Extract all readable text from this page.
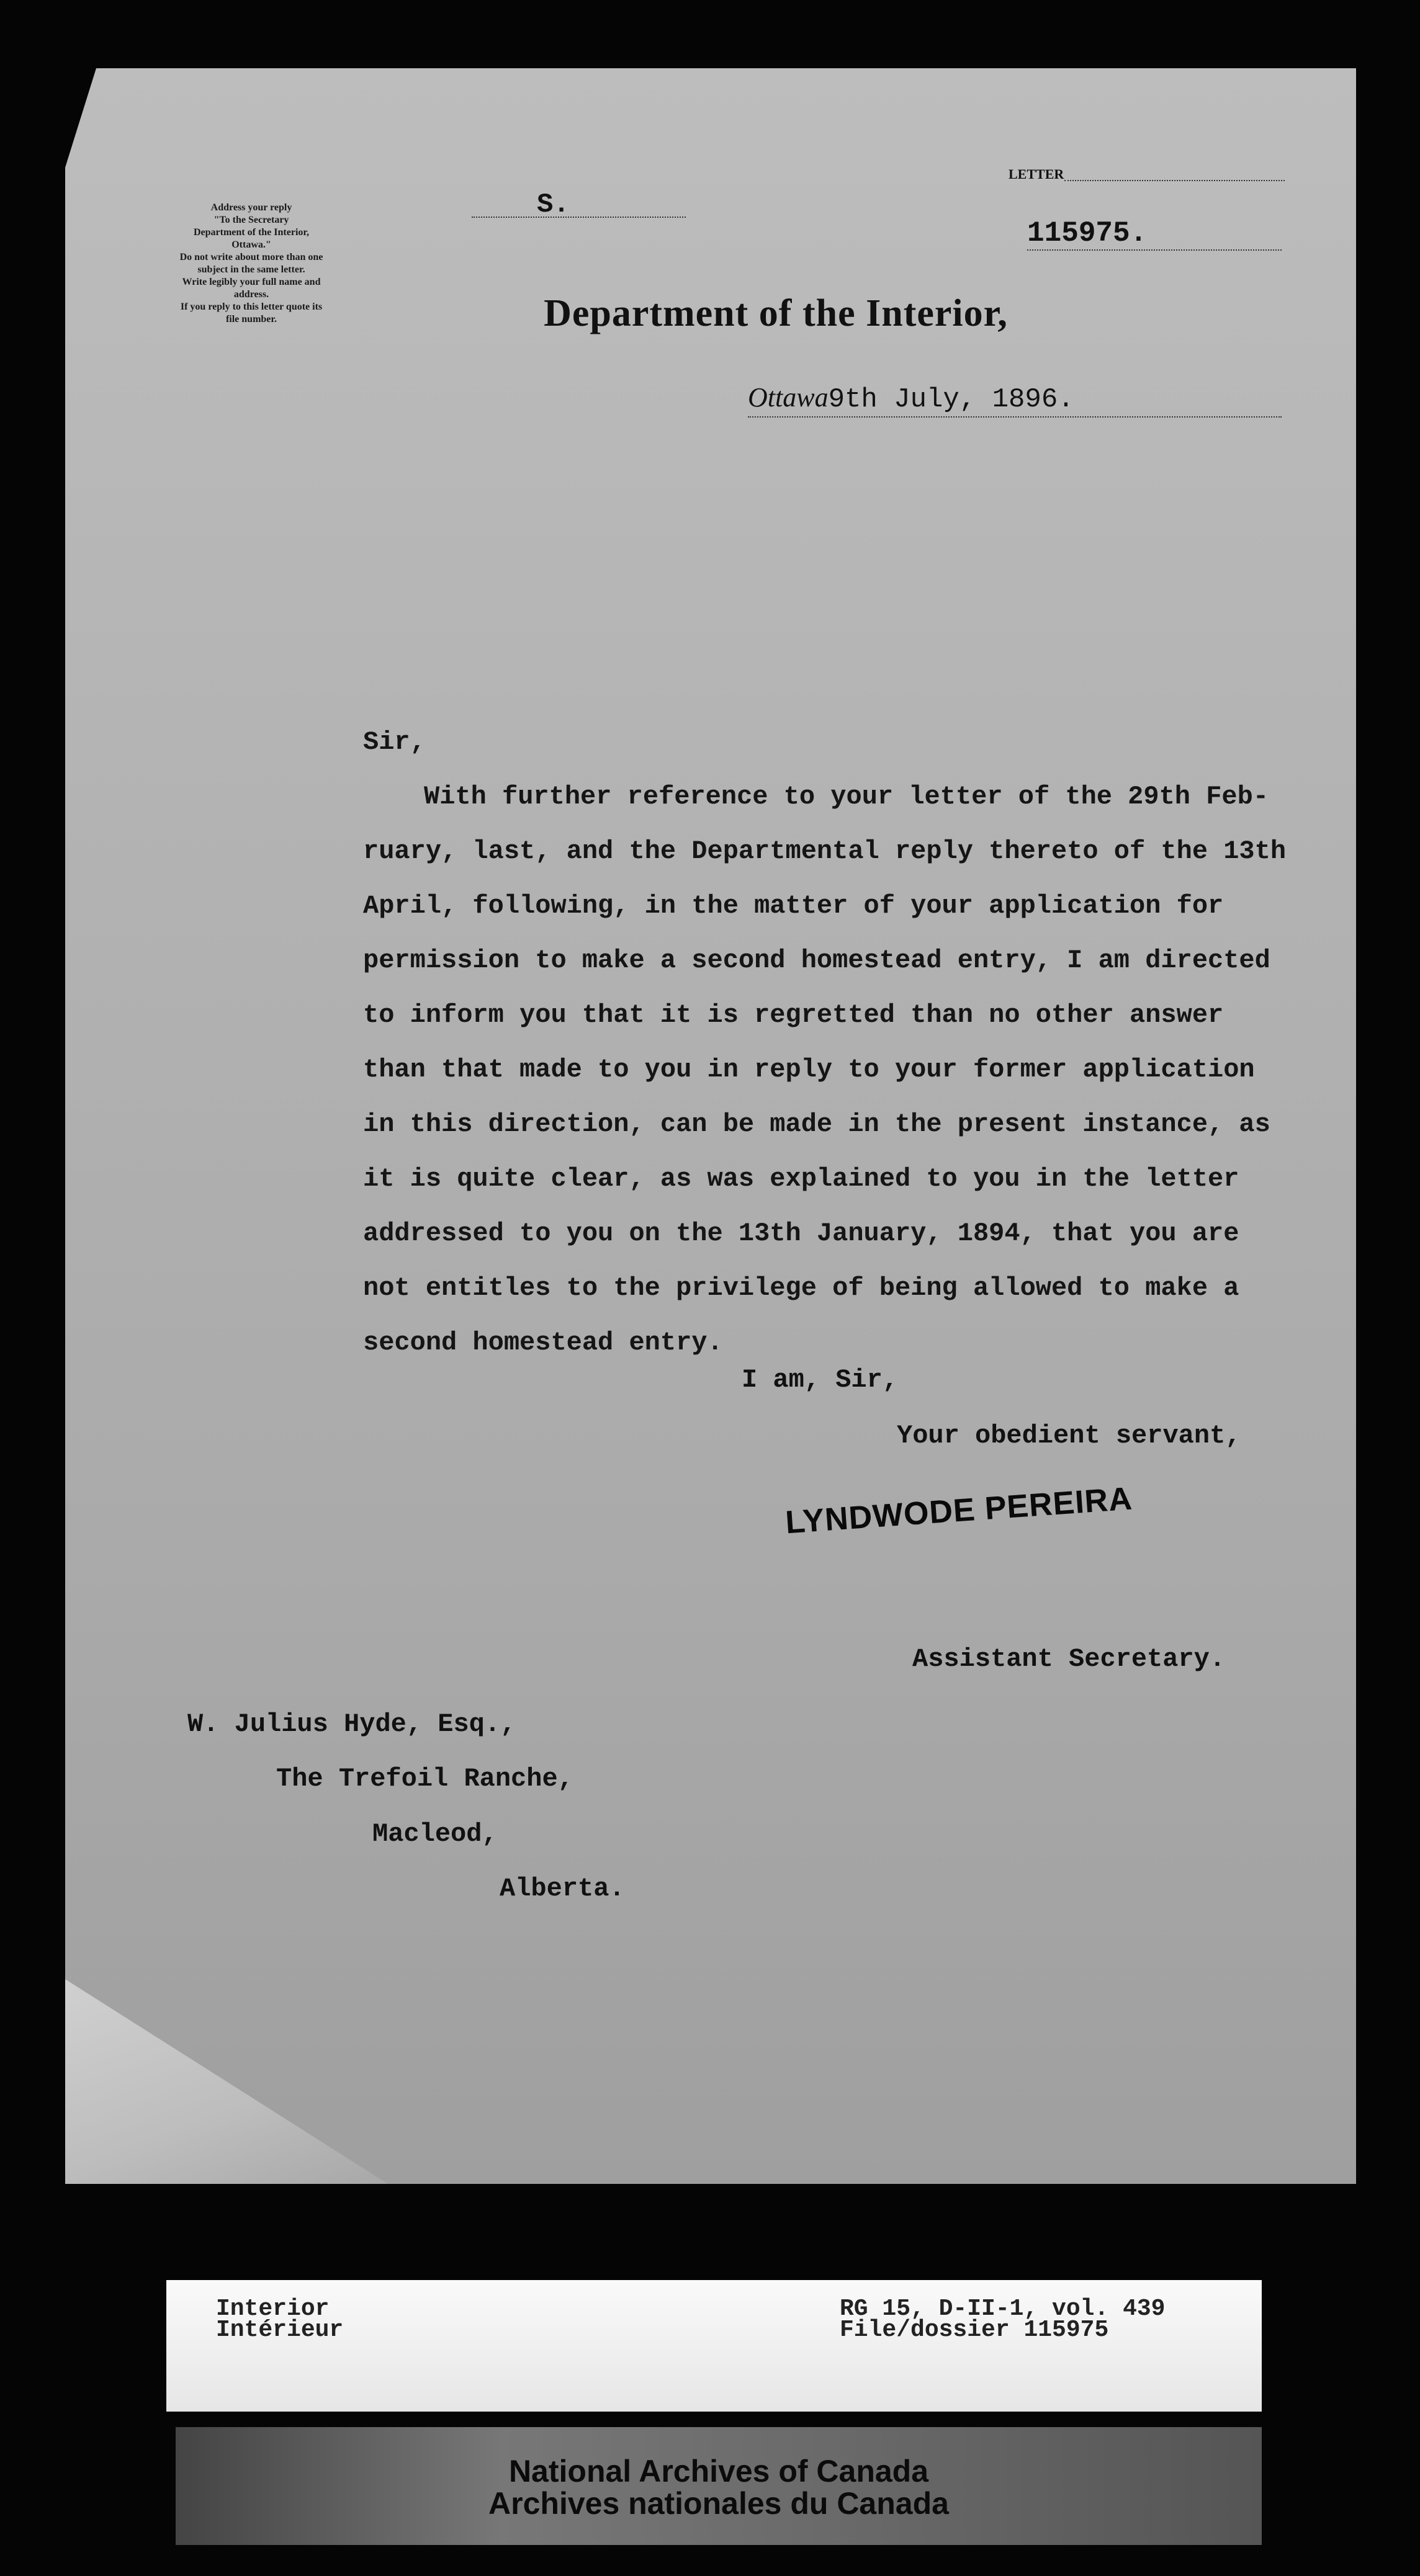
Address your reply
"To the Secretary
Department of the Interior,
Ottawa."
Do not write about more than one
subject in the same letter.
Write legibly your full name and
address.
If you reply to this letter quote its
file number.
S.
LETTER
115975.
Department of the Interior,
Ottawa9th July, 1896.

Sir,

With further reference to your letter of the 29th Feb-

ruary, last, and the Departmental reply thereto of the 13th

April, following, in the matter of your application for

permission to make a second homestead entry, I am directed

to inform you that it is regretted than no other answer

than that made to you in reply to your former application

in this direction, can be made in the present instance, as

it is quite clear, as was explained to you in the letter

addressed to you on the 13th January, 1894, that you are

not entitles to the privilege of being allowed to make a

second homestead entry.

I am, Sir,
Your obedient servant,
LYNDWODE PEREIRA
Assistant Secretary.
W. Julius Hyde, Esq.,
The Trefoil Ranche,
Macleod,
Alberta.
Interior
Intérieur
RG 15, D-II-1, vol. 439
File/dossier 115975
National Archives of Canada
Archives nationales du Canada
